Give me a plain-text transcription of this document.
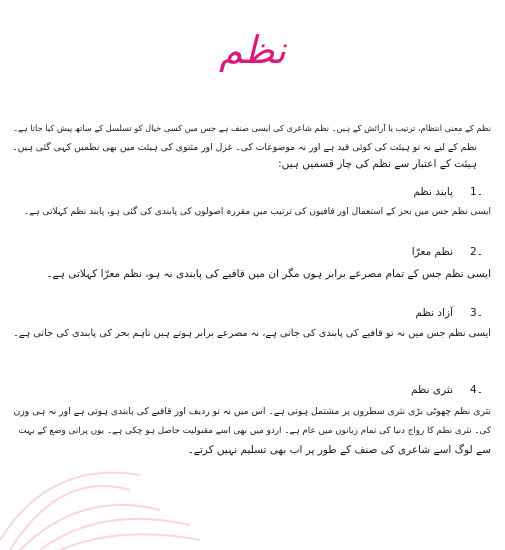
نظم
نظم کے معنی انتظام، ترتیب یا آرائش کے ہیں۔ نظم شاعری کی ایسی صنف ہے جس میں کسی خیال کو تسلسل کے ساتھ پیش کیا جاتا ہے۔
نظم کے لیے نہ تو ہیئت کی کوئی قید ہے اور نہ موضوعات کی۔ غزل اور مثنوی کی ہیئت میں بھی نظمیں کہی گئی ہیں۔
ہیئت کے اعتبار سے نظم کی چار قسمیں ہیں:
1۔
پابند نظم
ایسی نظم جس میں بحر کے استعمال اور قافیوں کی ترتیب میں مقررہ اصولوں کی پابندی کی گئی ہو، پابند نظم کہلاتی ہے۔
2۔
نظم معرّا
ایسی نظم جس کے تمام مصرعے برابر ہوں مگر ان میں قافیے کی پابندی نہ ہو، نظم معرّا کہلاتی ہے۔
3۔
آزاد نظم
ایسی نظم جس میں نہ تو قافیے کی پابندی کی جاتی ہے، نہ مصرعے برابر ہوتے ہیں تاہم بحر کی پابندی کی جاتی ہے۔
4۔
نثری نظم
نثری نظم چھوٹی بڑی نثری سطروں پر مشتمل ہوتی ہے۔ اس میں نہ تو ردیف اور قافیے کی پابندی ہوتی ہے اور نہ ہی وزن
کی۔ نثری نظم کا رواج دنیا کی تمام زبانوں میں عام ہے۔ اردو میں بھی اسے مقبولیت حاصل ہو چکی ہے۔ یوں پرانی وضع کے بہت
سے لوگ اسے شاعری کی صنف کے طور پر اب بھی تسلیم نہیں کرتے۔
